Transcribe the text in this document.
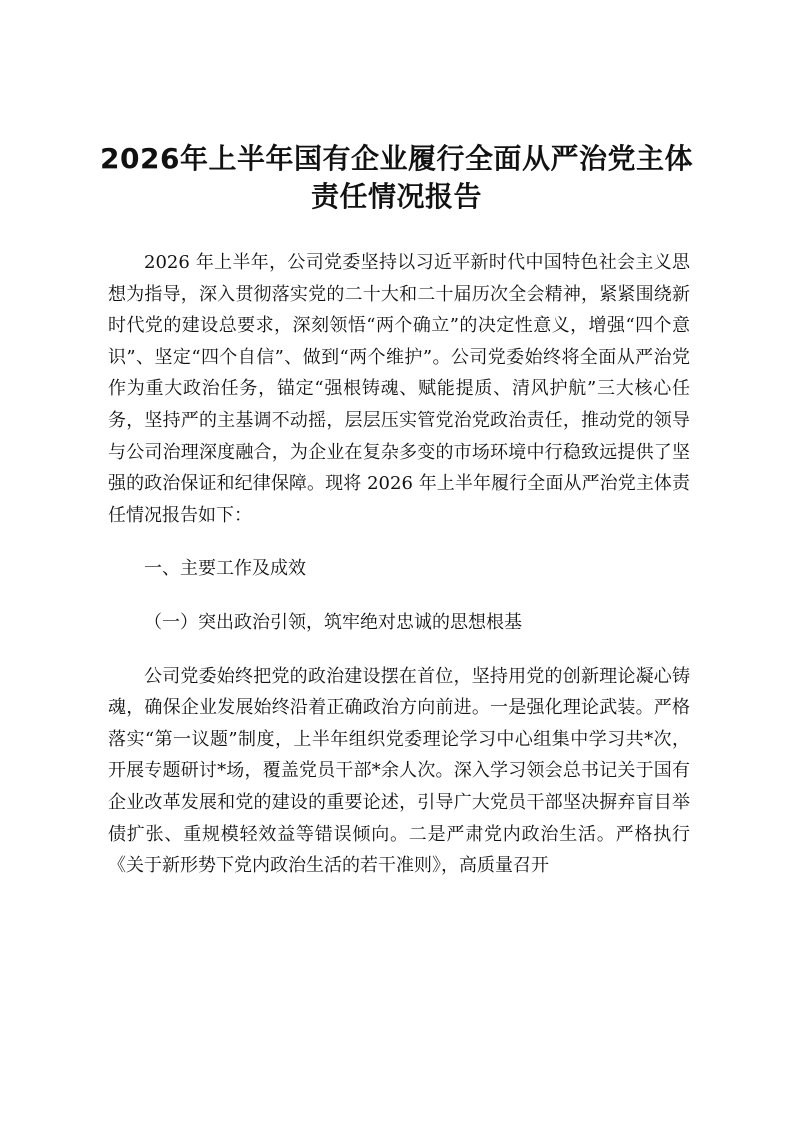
2026年上半年国有企业履行全面从严治党主体责任情况报告

2026 年上半年，公司党委坚持以习近平新时代中国特色社会主义思想为指导，深入贯彻落实党的二十大和二十届历次全会精神，紧紧围绕新时代党的建设总要求，深刻领悟“两个确立”的决定性意义，增强“四个意识”、坚定“四个自信”、做到“两个维护”。公司党委始终将全面从严治党作为重大政治任务，锚定“强根铸魂、赋能提质、清风护航”三大核心任务，坚持严的主基调不动摇，层层压实管党治党政治责任，推动党的领导与公司治理深度融合，为企业在复杂多变的市场环境中行稳致远提供了坚强的政治保证和纪律保障。现将 2026 年上半年履行全面从严治党主体责任情况报告如下：

一、主要工作及成效

（一）突出政治引领，筑牢绝对忠诚的思想根基

公司党委始终把党的政治建设摆在首位，坚持用党的创新理论凝心铸魂，确保企业发展始终沿着正确政治方向前进。一是强化理论武装。严格落实“第一议题”制度，上半年组织党委理论学习中心组集中学习共*次，开展专题研讨*场，覆盖党员干部*余人次。深入学习领会总书记关于国有企业改革发展和党的建设的重要论述，引导广大党员干部坚决摒弃盲目举债扩张、重规模轻效益等错误倾向。二是严肃党内政治生活。严格执行《关于新形势下党内政治生活的若干准则》，高质量召开
